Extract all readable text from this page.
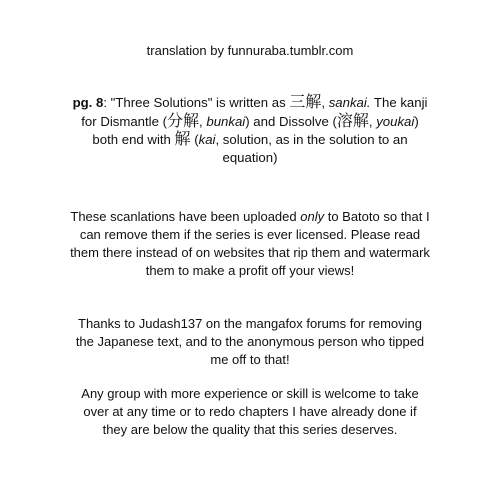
translation by funnuraba.tumblr.com
pg. 8: "Three Solutions" is written as 三解, sankai. The kanji for Dismantle (分解, bunkai) and Dissolve (溶解, youkai) both end with 解 (kai, solution, as in the solution to an equation)
These scanlations have been uploaded only to Batoto so that I can remove them if the series is ever licensed. Please read them there instead of on websites that rip them and watermark them to make a profit off your views!
Thanks to Judash137 on the mangafox forums for removing the Japanese text, and to the anonymous person who tipped me off to that!
Any group with more experience or skill is welcome to take over at any time or to redo chapters I have already done if they are below the quality that this series deserves.
